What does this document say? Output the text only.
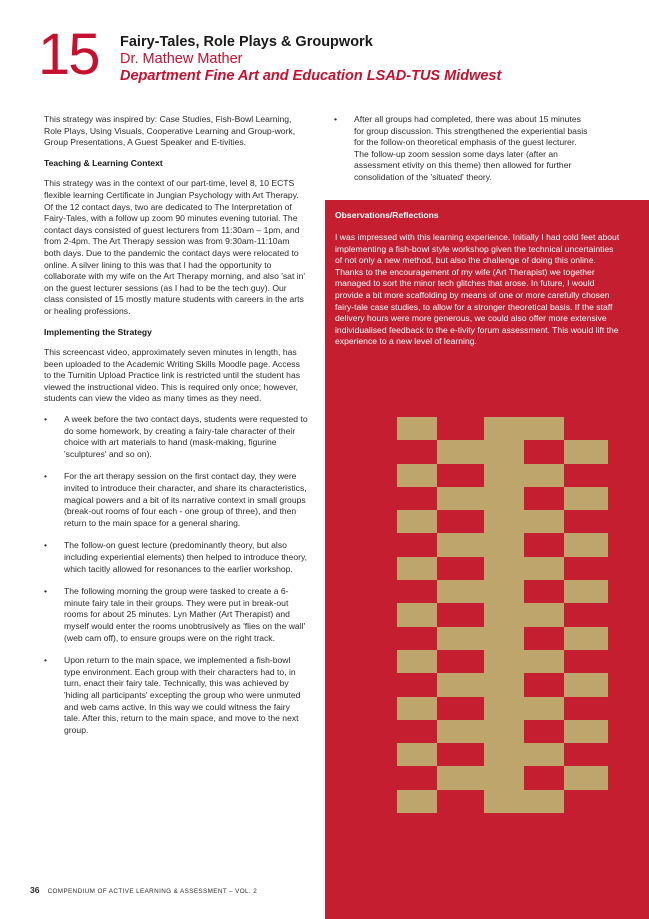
15 Fairy-Tales, Role Plays & Groupwork
Dr. Mathew Mather
Department Fine Art and Education LSAD-TUS Midwest

This strategy was inspired by: Case Studies, Fish-Bowl Learning, Role Plays, Using Visuals, Cooperative Learning and Group-work, Group Presentations, A Guest Speaker and E-tivities.

Teaching & Learning Context

This strategy was in the context of our part-time, level 8, 10 ECTS flexible learning Certificate in Jungian Psychology with Art Therapy. Of the 12 contact days, two are dedicated to The Interpretation of Fairy-Tales, with a follow up zoom 90 minutes evening tutorial. The contact days consisted of guest lecturers from 11:30am – 1pm, and from 2-4pm. The Art Therapy session was from 9:30am-11:10am both days. Due to the pandemic the contact days were relocated to online. A silver lining to this was that I had the opportunity to collaborate with my wife on the Art Therapy morning, and also 'sat in' on the guest lecturer sessions (as I had to be the tech guy). Our class consisted of 15 mostly mature students with careers in the arts or healing professions.

Implementing the Strategy

This screencast video, approximately seven minutes in length, has been uploaded to the Academic Writing Skills Moodle page. Access to the Turnitin Upload Practice link is restricted until the student has viewed the instructional video. This is required only once; however, students can view the video as many times as they need.

• A week before the two contact days, students were requested to do some homework, by creating a fairy-tale character of their choice with art materials to hand (mask-making, figurine 'sculptures' and so on).
• For the art therapy session on the first contact day, they were invited to introduce their character, and share its characteristics, magical powers and a bit of its narrative context in small groups (break-out rooms of four each - one group of three), and then return to the main space for a general sharing.
• The follow-on guest lecture (predominantly theory, but also including experiential elements) then helped to introduce theory, which tacitly allowed for resonances to the earlier workshop.
• The following morning the group were tasked to create a 6-minute fairy tale in their groups. They were put in break-out rooms for about 25 minutes. Lyn Mather (Art Therapist) and myself would enter the rooms unobtrusively as 'flies on the wall' (web cam off), to ensure groups were on the right track.
• Upon return to the main space, we implemented a fish-bowl type environment. Each group with their characters had to, in turn, enact their fairy tale. Technically, this was achieved by 'hiding all participants' excepting the group who were unmuted and web cams active. In this way we could witness the fairy tale. After this, return to the main space, and move to the next group.
• After all groups had completed, there was about 15 minutes for group discussion. This strengthened the experiential basis for the follow-on theoretical emphasis of the guest lecturer. The follow-up zoom session some days later (after an assessment etivity on this theme) then allowed for further consolidation of the 'situated' theory.
Observations/Reflections
I was impressed with this learning experience. Initially I had cold feet about implementing a fish-bowl style workshop given the technical uncertainties of not only a new method, but also the challenge of doing this online. Thanks to the encouragement of my wife (Art Therapist) we together managed to sort the minor tech glitches that arose. In future, I would provide a bit more scaffolding by means of one or more carefully chosen fairy-tale case studies, to allow for a stronger theoretical basis. If the staff delivery hours were more generous, we could also offer more extensive individualised feedback to the e-tivity forum assessment. This would lift the experience to a new level of learning.
36 COMPENDIUM OF ACTIVE LEARNING & ASSESSMENT – VOL. 2
